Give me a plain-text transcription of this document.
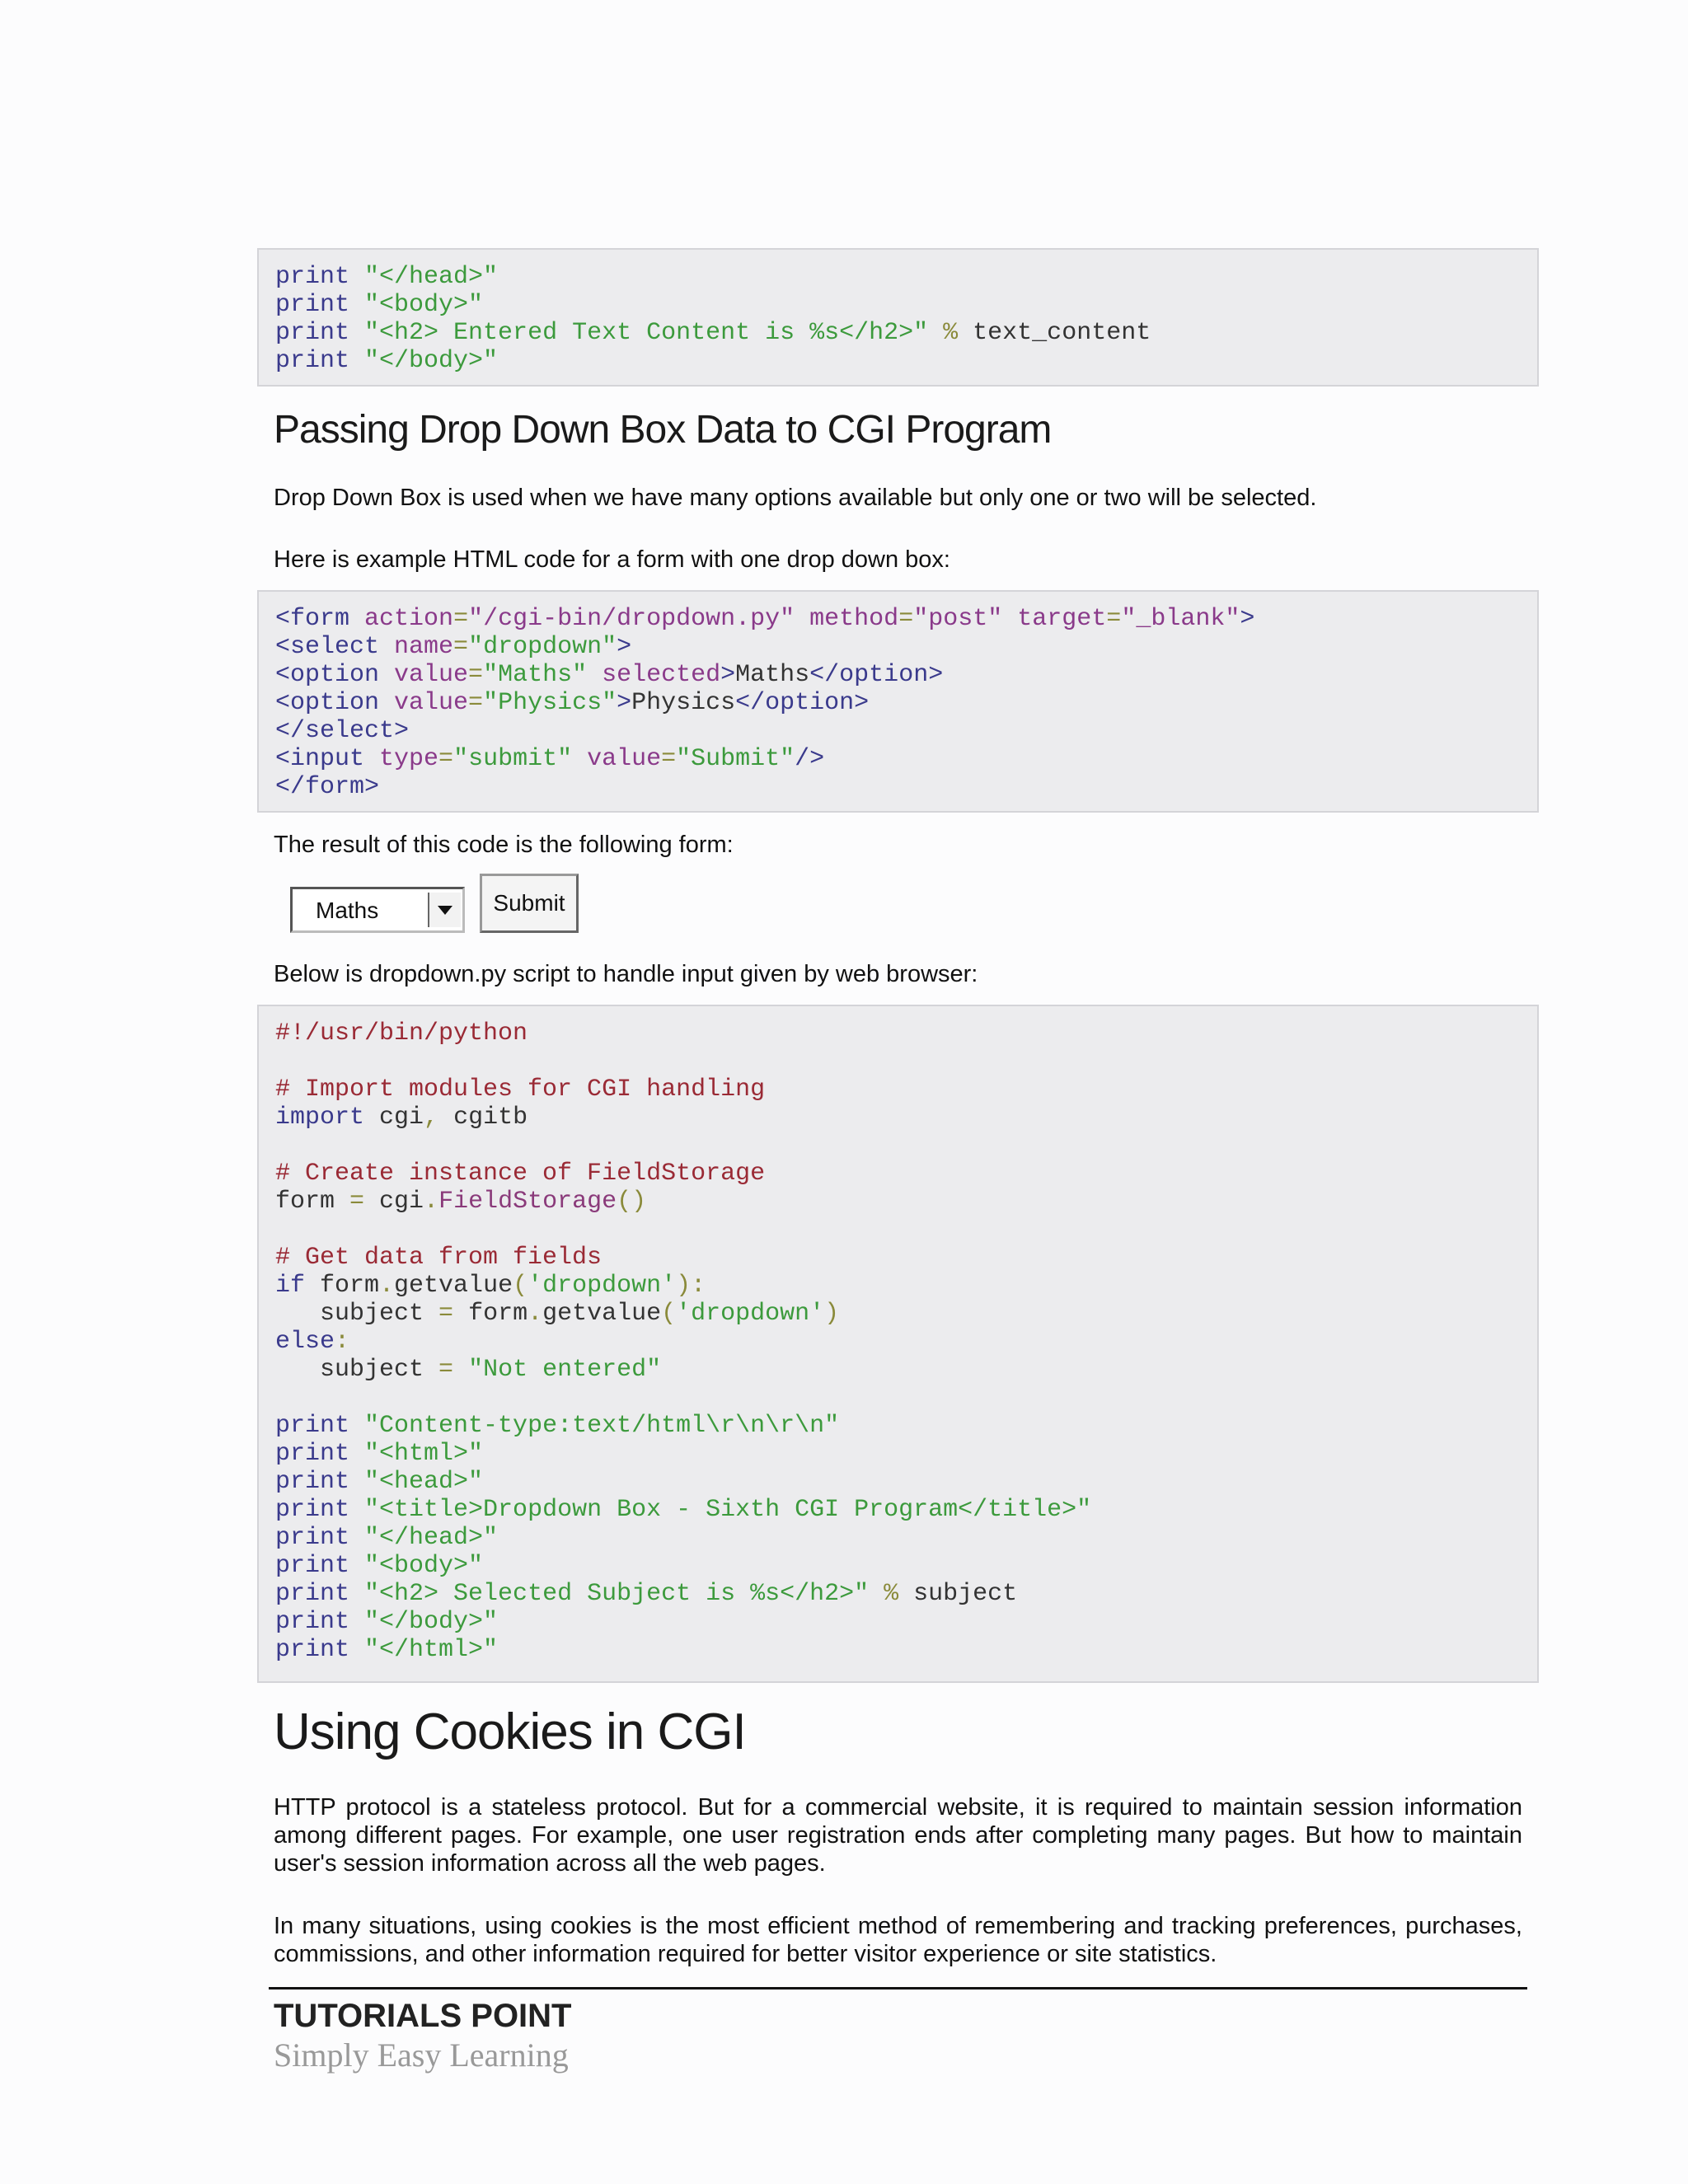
print "</head>"
print "<body>"
print "<h2> Entered Text Content is %s</h2>" % text_content
print "</body>"
Passing Drop Down Box Data to CGI Program

Drop Down Box is used when we have many options available but only one or two will be selected.

Here is example HTML code for a form with one drop down box:

<form action="/cgi-bin/dropdown.py" method="post" target="_blank">
<select name="dropdown">
<option value="Maths" selected>Maths</option>
<option value="Physics">Physics</option>
</select>
<input type="submit" value="Submit"/>
</form>

The result of this code is the following form:

Maths	Submit

Below is dropdown.py script to handle input given by web browser:

#!/usr/bin/python

# Import modules for CGI handling
import cgi, cgitb

# Create instance of FieldStorage
form = cgi.FieldStorage()

# Get data from fields
if form.getvalue('dropdown'):
subject = form.getvalue('dropdown')
else:
subject = "Not entered"

print "Content-type:text/html\r\n\r\n"
print "<html>"
print "<head>"
print "<title>Dropdown Box - Sixth CGI Program</title>"
print "</head>"
print "<body>"
print "<h2> Selected Subject is %s</h2>" % subject
print "</body>"
print "</html>"
Using Cookies in CGI

HTTP protocol is a stateless protocol. But for a commercial website, it is required to maintain session information among different pages. For example, one user registration ends after completing many pages. But how to maintain user's session information across all the web pages.

In many situations, using cookies is the most efficient method of remembering and tracking preferences, purchases, commissions, and other information required for better visitor experience or site statistics.

TUTORIALS POINT
Simply Easy Learning
